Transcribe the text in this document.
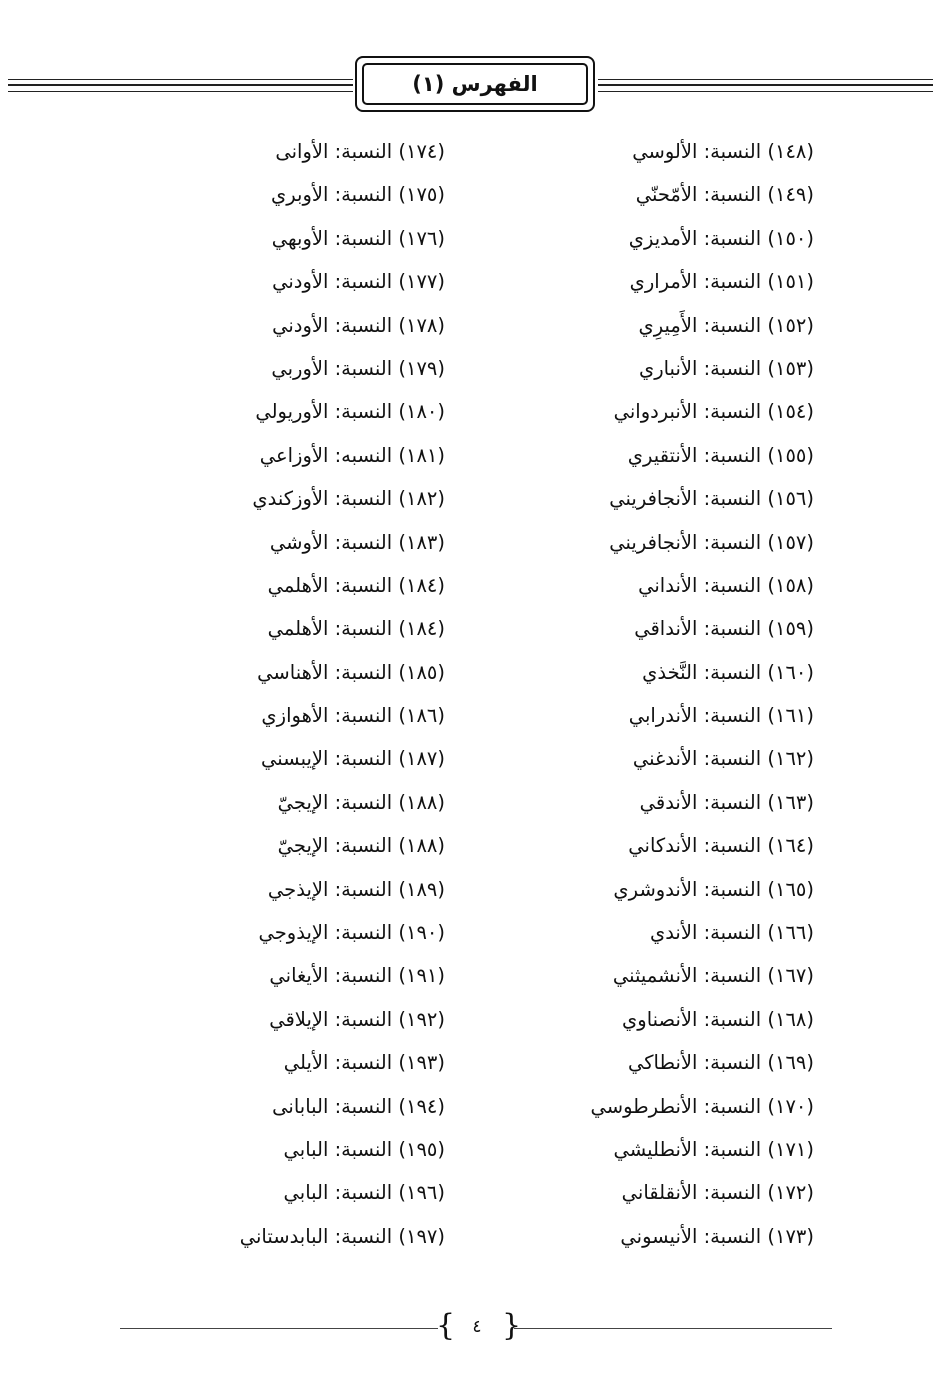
الفهرس (١)
(١٤٨) النسبة: الألوسي
(١٤٩) النسبة: الأمّحنّي
(١٥٠) النسبة: الأمديزي
(١٥١) النسبة: الأمراري
(١٥٢) النسبة: الأَمِيرِي
(١٥٣) النسبة: الأنباري
(١٥٤) النسبة: الأنبردواني
(١٥٥) النسبة: الأنتقيري
(١٥٦) النسبة: الأنجافريني
(١٥٧) النسبة: الأنجافريني
(١٥٨) النسبة: الأنداني
(١٥٩) النسبة: الأنداقي
(١٦٠) النسبة: النَّخذي
(١٦١) النسبة: الأندرابي
(١٦٢) النسبة: الأندغني
(١٦٣) النسبة: الأندقي
(١٦٤) النسبة: الأندكاني
(١٦٥) النسبة: الأندوشري
(١٦٦) النسبة: الأندي
(١٦٧) النسبة: الأنشميثني
(١٦٨) النسبة: الأنصناوي
(١٦٩) النسبة: الأنطاكي
(١٧٠) النسبة: الأنطرطوسي
(١٧١) النسبة: الأنطليشي
(١٧٢) النسبة: الأنقلقاني
(١٧٣) النسبة: الأنيسوني
(١٧٤) النسبة: الأوانى
(١٧٥) النسبة: الأوبري
(١٧٦) النسبة: الأوبهي
(١٧٧) النسبة: الأودني
(١٧٨) النسبة: الأودني
(١٧٩) النسبة: الأوربي
(١٨٠) النسبة: الأوريولي
(١٨١) النسبه: الأوزاعي
(١٨٢) النسبة: الأوزكندي
(١٨٣) النسبة: الأوشي
(١٨٤) النسبة: الأهلمي
(١٨٤) النسبة: الأهلمي
(١٨٥) النسبة: الأهناسي
(١٨٦) النسبة: الأهوازي
(١٨٧) النسبة: الإيبسني
(١٨٨) النسبة: الإيجيّ
(١٨٨) النسبة: الإيجيّ
(١٨٩) النسبة: الإيذجي
(١٩٠) النسبة: الإيذوجي
(١٩١) النسبة: الأيغاني
(١٩٢) النسبة: الإيلاقي
(١٩٣) النسبة: الأيلي
(١٩٤) النسبة: البابانى
(١٩٥) النسبة: البابي
(١٩٦) النسبة: البابي
(١٩٧) النسبة: البابدستاني
{	٤ }
